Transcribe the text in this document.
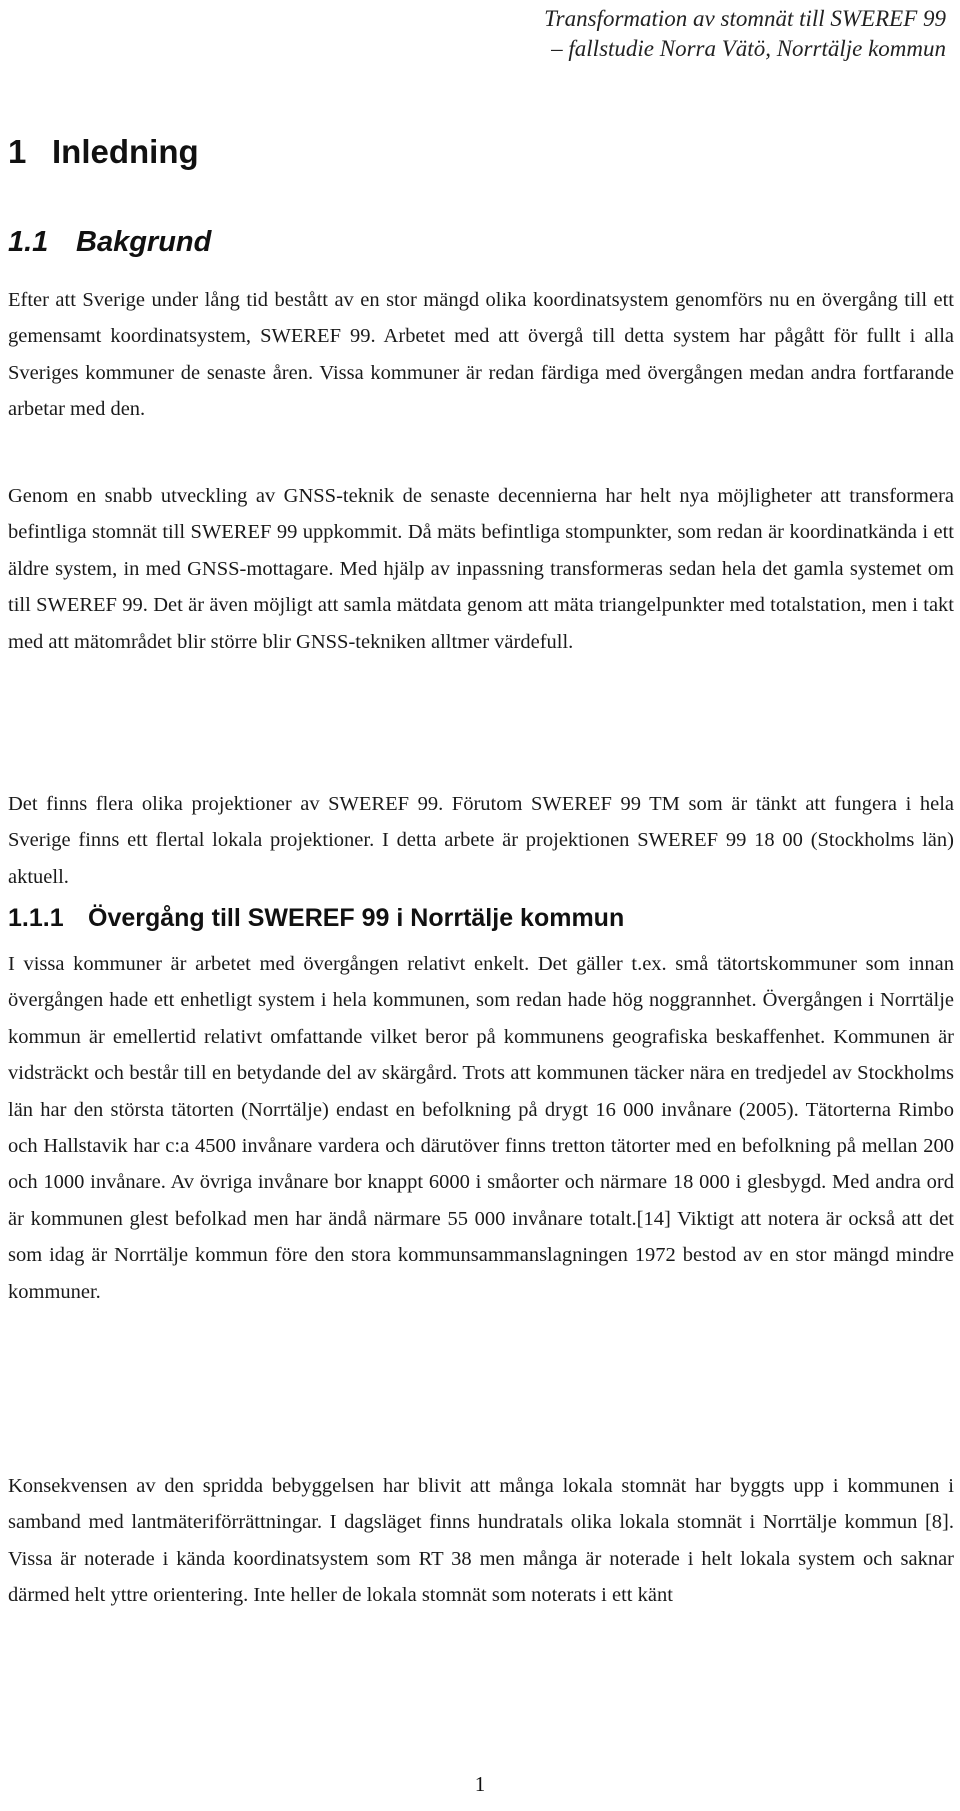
Transformation av stomnät till SWEREF 99
– fallstudie Norra Vätö, Norrtälje kommun
1 Inledning
1.1 Bakgrund

Efter att Sverige under lång tid bestått av en stor mängd olika koordinatsystem genomförs nu en övergång till ett gemensamt koordinatsystem, SWEREF 99. Arbetet med att övergå till detta system har pågått för fullt i alla Sveriges kommuner de senaste åren. Vissa kommuner är redan färdiga med övergången medan andra fortfarande arbetar med den.

Genom en snabb utveckling av GNSS-teknik de senaste decennierna har helt nya möjligheter att transformera befintliga stomnät till SWEREF 99 uppkommit. Då mäts befintliga stompunkter, som redan är koordinatkända i ett äldre system, in med GNSS-mottagare. Med hjälp av inpassning transformeras sedan hela det gamla systemet om till SWEREF 99. Det är även möjligt att samla mätdata genom att mäta triangelpunkter med totalstation, men i takt med att mätområdet blir större blir GNSS-tekniken alltmer värdefull.

Det finns flera olika projektioner av SWEREF 99. Förutom SWEREF 99 TM som är tänkt att fungera i hela Sverige finns ett flertal lokala projektioner. I detta arbete är projektionen SWEREF 99 18 00 (Stockholms län) aktuell.

1.1.1 Övergång till SWEREF 99 i Norrtälje kommun

I vissa kommuner är arbetet med övergången relativt enkelt. Det gäller t.ex. små tätortskommuner som innan övergången hade ett enhetligt system i hela kommunen, som redan hade hög noggrannhet. Övergången i Norrtälje kommun är emellertid relativt omfattande vilket beror på kommunens geografiska beskaffenhet. Kommunen är vidsträckt och består till en betydande del av skärgård. Trots att kommunen täcker nära en tredjedel av Stockholms län har den största tätorten (Norrtälje) endast en befolkning på drygt 16 000 invånare (2005). Tätorterna Rimbo och Hallstavik har c:a 4500 invånare vardera och därutöver finns tretton tätorter med en befolkning på mellan 200 och 1000 invånare. Av övriga invånare bor knappt 6000 i småorter och närmare 18 000 i glesbygd. Med andra ord är kommunen glest befolkad men har ändå närmare 55 000 invånare totalt.[14] Viktigt att notera är också att det som idag är Norrtälje kommun före den stora kommunsammanslagningen 1972 bestod av en stor mängd mindre kommuner.

Konsekvensen av den spridda bebyggelsen har blivit att många lokala stomnät har byggts upp i kommunen i samband med lantmäteriförrättningar. I dagsläget finns hundratals olika lokala stomnät i Norrtälje kommun [8]. Vissa är noterade i kända koordinatsystem som RT 38 men många är noterade i helt lokala system och saknar därmed helt yttre orientering. Inte heller de lokala stomnät som noterats i ett känt

1
